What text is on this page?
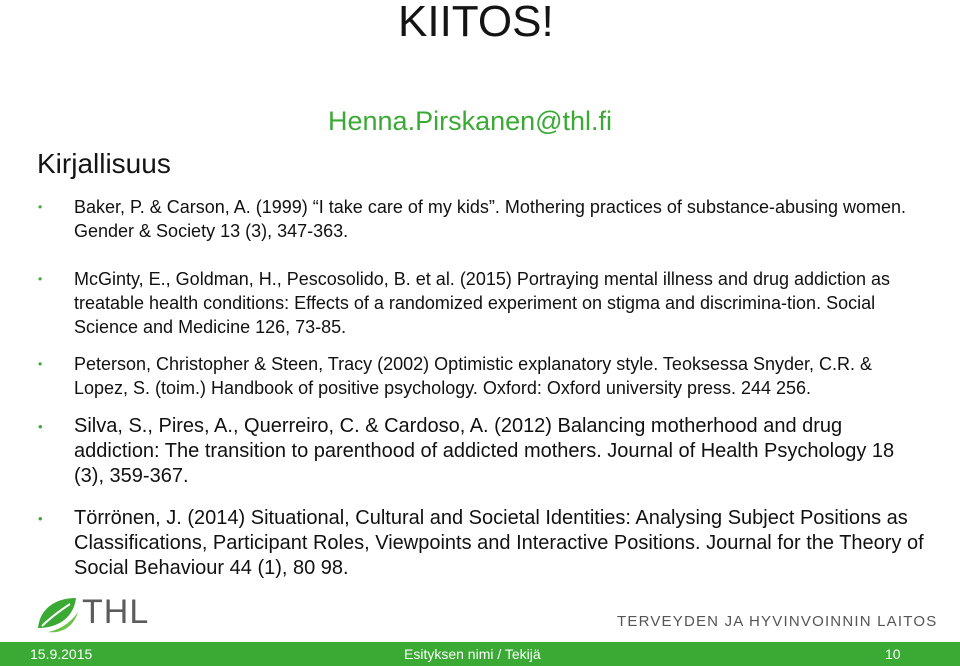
KIITOS!
Henna.Pirskanen@thl.fi
Kirjallisuus
• Baker, P. & Carson, A. (1999) “I take care of my kids”. Mothering practices of substance-abusing women. Gender & Society 13 (3), 347-363.
• McGinty, E., Goldman, H., Pescosolido, B. et al. (2015) Portraying mental illness and drug addiction as treatable health conditions: Effects of a randomized experiment on stigma and discrimina-tion. Social Science and Medicine 126, 73-85.
• Peterson, Christopher & Steen, Tracy (2002) Optimistic explanatory style. Teoksessa Snyder, C.R. & Lopez, S. (toim.) Handbook of positive psychology. Oxford: Oxford university press. 244 256.
• Silva, S., Pires, A., Querreiro, C. & Cardoso, A. (2012) Balancing motherhood and drug addiction: The transition to parenthood of addicted mothers. Journal of Health Psychology 18 (3), 359-367.
• Törrönen, J. (2014) Situational, Cultural and Societal Identities: Analysing Subject Positions as Classifications, Participant Roles, Viewpoints and Interactive Positions. Journal for the Theory of Social Behaviour 44 (1), 80 98.
THL	TERVEYDEN JA HYVINVOINNIN LAITOS
15.9.2015	Esityksen nimi / Tekijä	10
